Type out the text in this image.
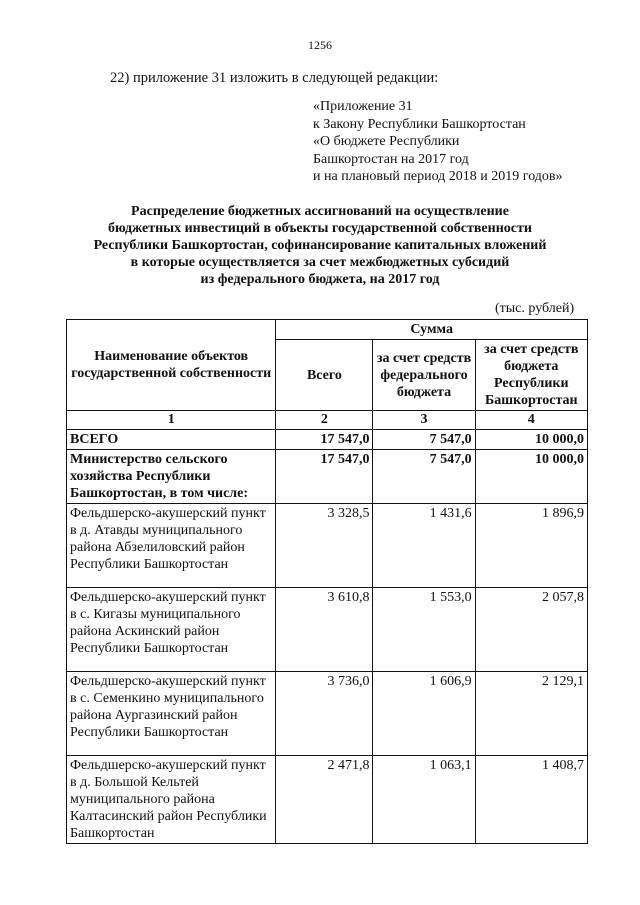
1256
22) приложение 31 изложить в следующей редакции:
«Приложение 31
к Закону Республики Башкортостан
«О бюджете Республики
Башкортостан на 2017 год
и на плановый период 2018 и 2019 годов»
Распределение бюджетных ассигнований на осуществление
бюджетных инвестиций в объекты государственной собственности
Республики Башкортостан, софинансирование капитальных вложений
в которые осуществляется за счет межбюджетных субсидий
из федерального бюджета, на 2017 год
(тыс. рублей)
Наименование объектов государственной собственности	Сумма		
	Всего	за счет средств федерального бюджета	за счет средств бюджета Республики Башкортостан
1	2	3	4
ВСЕГО	17 547,0	7 547,0	10 000,0
Министерство сельского хозяйства Республики Башкортостан, в том числе:	17 547,0	7 547,0	10 000,0
Фельдшерско-акушерский пункт в д. Атавды муниципального района Абзелиловский район Республики Башкортостан	3 328,5	1 431,6	1 896,9
Фельдшерско-акушерский пункт в с. Кигазы муниципального района Аскинский район Республики Башкортостан	3 610,8	1 553,0	2 057,8
Фельдшерско-акушерский пункт в с. Семенкино муниципального района Аургазинский район Республики Башкортостан	3 736,0	1 606,9	2 129,1
Фельдшерско-акушерский пункт в д. Большой Кельтей муниципального района Калтасинский район Республики Башкортостан	2 471,8	1 063,1	1 408,7
